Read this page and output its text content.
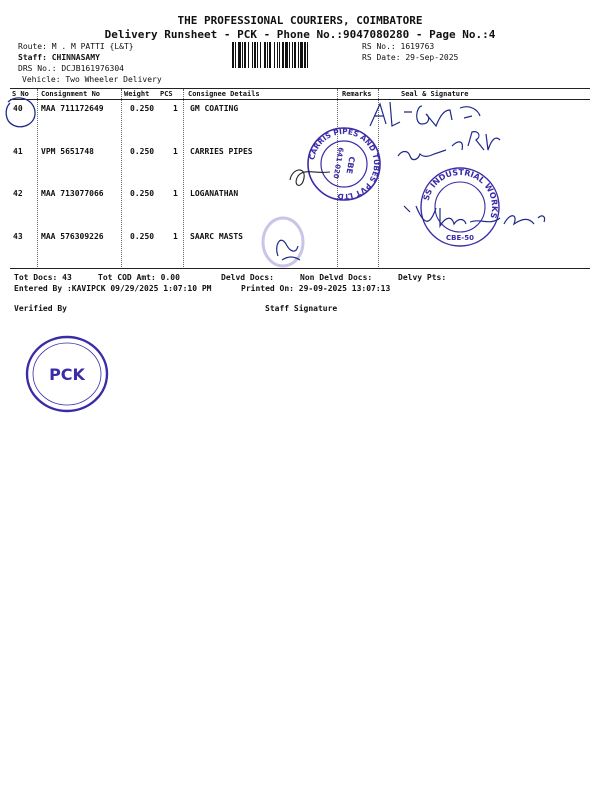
THE PROFESSIONAL COURIERS, COIMBATORE
Delivery Runsheet - PCK - Phone No.:9047080280 - Page No.:4
Route: M . M PATTI {L&T}
Staff: CHINNASAMY
DRS No.: DCJB161976304
Vehicle: Two Wheeler Delivery
RS No.: 1619763
RS Date: 29-Sep-2025
S No Consignment No	Weight PCS Consignee Details	Remarks	Seal & Signature
40 MAA 711172649	0.250 1 GM COATING
41 VPM 5651748	0.250 1 CARRIES PIPES
42 MAA 713077066	0.250 1 LOGANATHAN
43 MAA 576309226	0.250 1 SAARC MASTS
Tot Docs: 43	Tot COD Amt: 0.00	Delvd Docs:	Non Delvd Docs:	Delvy Pts:
Entered By :KAVIPCK 09/29/2025 1:07:10 PM	Printed On: 29-09-2025 13:07:13
Verified By	Staff Signature
CARRIS PIPES AND TUBES PVT LTD
CBE
641 020
SS INDUSTRIAL WORKS
CBE-50
PCK
